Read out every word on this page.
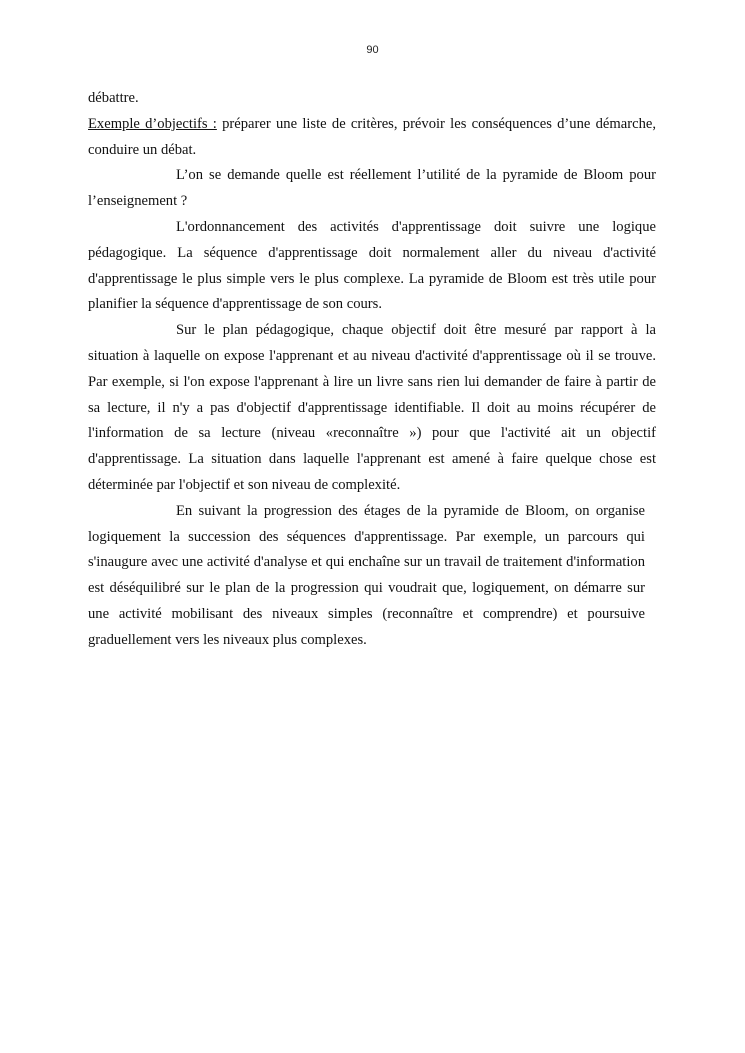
90

débattre.

Exemple d’objectifs : préparer une liste de critères, prévoir les conséquences d’une démarche, conduire un débat.

L’on se demande quelle est réellement l’utilité de la pyramide de Bloom pour l’enseignement ?

L'ordonnancement des activités d'apprentissage doit suivre une logique pédagogique. La séquence d'apprentissage doit normalement aller du niveau d'activité d'apprentissage le plus simple vers le plus complexe. La pyramide de Bloom est très utile pour planifier la séquence d'apprentissage de son cours.

Sur le plan pédagogique, chaque objectif doit être mesuré par rapport à la situation à laquelle on expose l'apprenant et au niveau d'activité d'apprentissage où il se trouve. Par exemple, si l'on expose l'apprenant à lire un livre sans rien lui demander de faire à partir de sa lecture, il n'y a pas d'objectif d'apprentissage identifiable. Il doit au moins récupérer de l'information de sa lecture (niveau «reconnaître ») pour que l'activité ait un objectif d'apprentissage. La situation dans laquelle l'apprenant est amené à faire quelque chose est déterminée par l'objectif et son niveau de complexité.

En suivant la progression des étages de la pyramide de Bloom, on organise logiquement la succession des séquences d'apprentissage. Par exemple, un parcours qui s'inaugure avec une activité d'analyse et qui enchaîne sur un travail de traitement d'information est déséquilibré sur le plan de la progression qui voudrait que, logiquement, on démarre sur une activité mobilisant des niveaux simples (reconnaître et comprendre) et poursuive graduellement vers les niveaux plus complexes.
